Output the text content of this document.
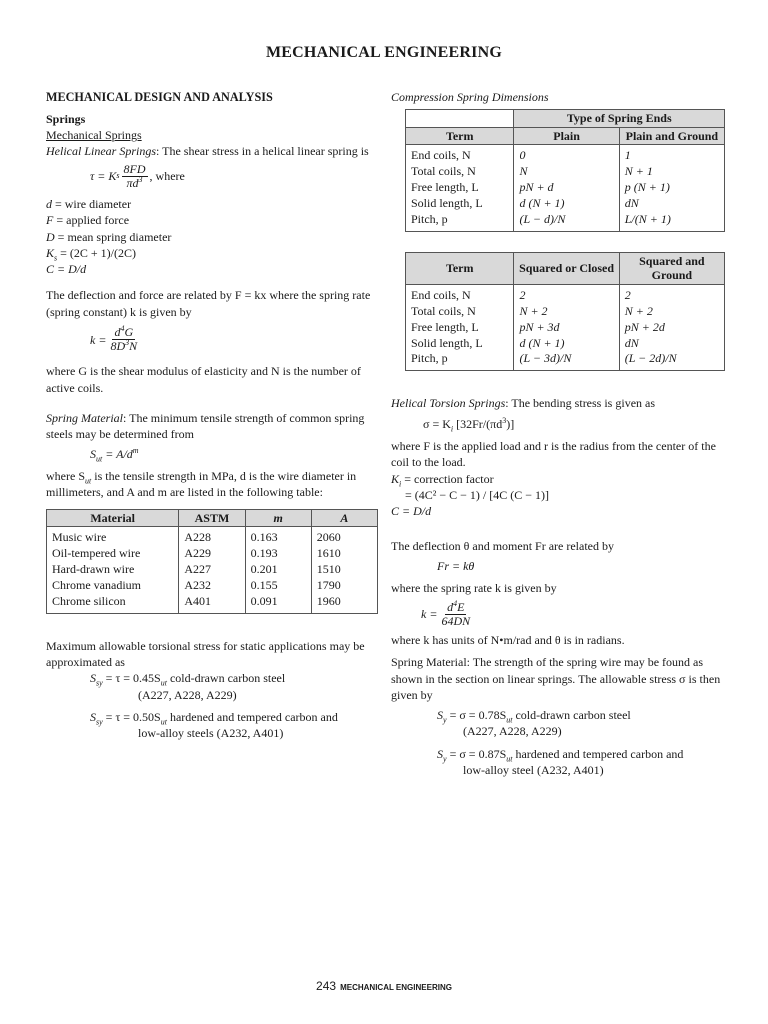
MECHANICAL ENGINEERING

MECHANICAL DESIGN AND ANALYSIS

Springs

Mechanical Springs

Helical Linear Springs: The shear stress in a helical linear spring is

τ = K s $\frac{8FD}{\pi d^3}$ , where

d = wire diameter

F = applied force

D = mean spring diameter

$K_s = (2C + 1)/(2C)$

C = D/d

The deflection and force are related by F = kx where the spring rate (spring constant) k is given by

$k = \frac{d^4G}{8D^3N}$

where G is the shear modulus of elasticity and N is the number of active coils.

Spring Material: The minimum tensile strength of common spring steels may be determined from

$S_{ut} = A/d^m$

where $S_{ut}$ is the tensile strength in MPa, d is the wire diameter in millimeters, and A and m are listed in the following table:

Material	ASTM	m	A
Music wire	A228	0.163	2060
Oil-tempered wire	A229	0.193	1610
Hard-drawn wire	A227	0.201	1510
Chrome vanadium	A232	0.155	1790
Chrome silicon	A401	0.091	1960

Maximum allowable torsional stress for static applications may be approximated as

$S_{sy} = \tau = 0.45S_{ut}$ cold-drawn carbon steel

(A227, A228, A229)

$S_{sy} = \tau = 0.50S_{ut}$ hardened and tempered carbon and

low-alloy steels (A232, A401)

Compression Spring Dimensions

	Type of Spring Ends	
Term	Plain	Plain and Ground
End coils, N	0	1
Total coils, N	N	N + 1
Free length, L	pN + d	p (N + 1)
Solid length, L	d (N + 1)	dN
Pitch, p	(L − d)/N	L/(N + 1)
Term	Squared or Closed	Squared and Ground
End coils, N	2	2
Total coils, N	N + 2	N + 2
Free length, L	pN + 3d	pN + 2d
Solid length, L	d (N + 1)	dN
Pitch, p	(L − 3d)/N	(L − 2d)/N

Helical Torsion Springs: The bending stress is given as

$\sigma = K_i$ $[32Fr/(\pi d^3)]$

where F is the applied load and r is the radius from the center of the coil to the load.

$K_i$ = correction factor

= (4C² − C − 1) / [4C (C − 1)]

C = D/d

The deflection θ and moment Fr are related by

Fr = kθ

where the spring rate k is given by

$k = \frac{d^4E}{64DN}$

where k has units of N•m/rad and θ is in radians.

Spring Material: The strength of the spring wire may be found as shown in the section on linear springs. The allowable stress σ is then given by

$S_y = \sigma = 0.78S_{ut}$ cold-drawn carbon steel

(A227, A228, A229)

$S_y = \sigma = 0.87S_{ut}$ hardened and tempered carbon and

low-alloy steel (A232, A401)

243 MECHANICAL ENGINEERING
